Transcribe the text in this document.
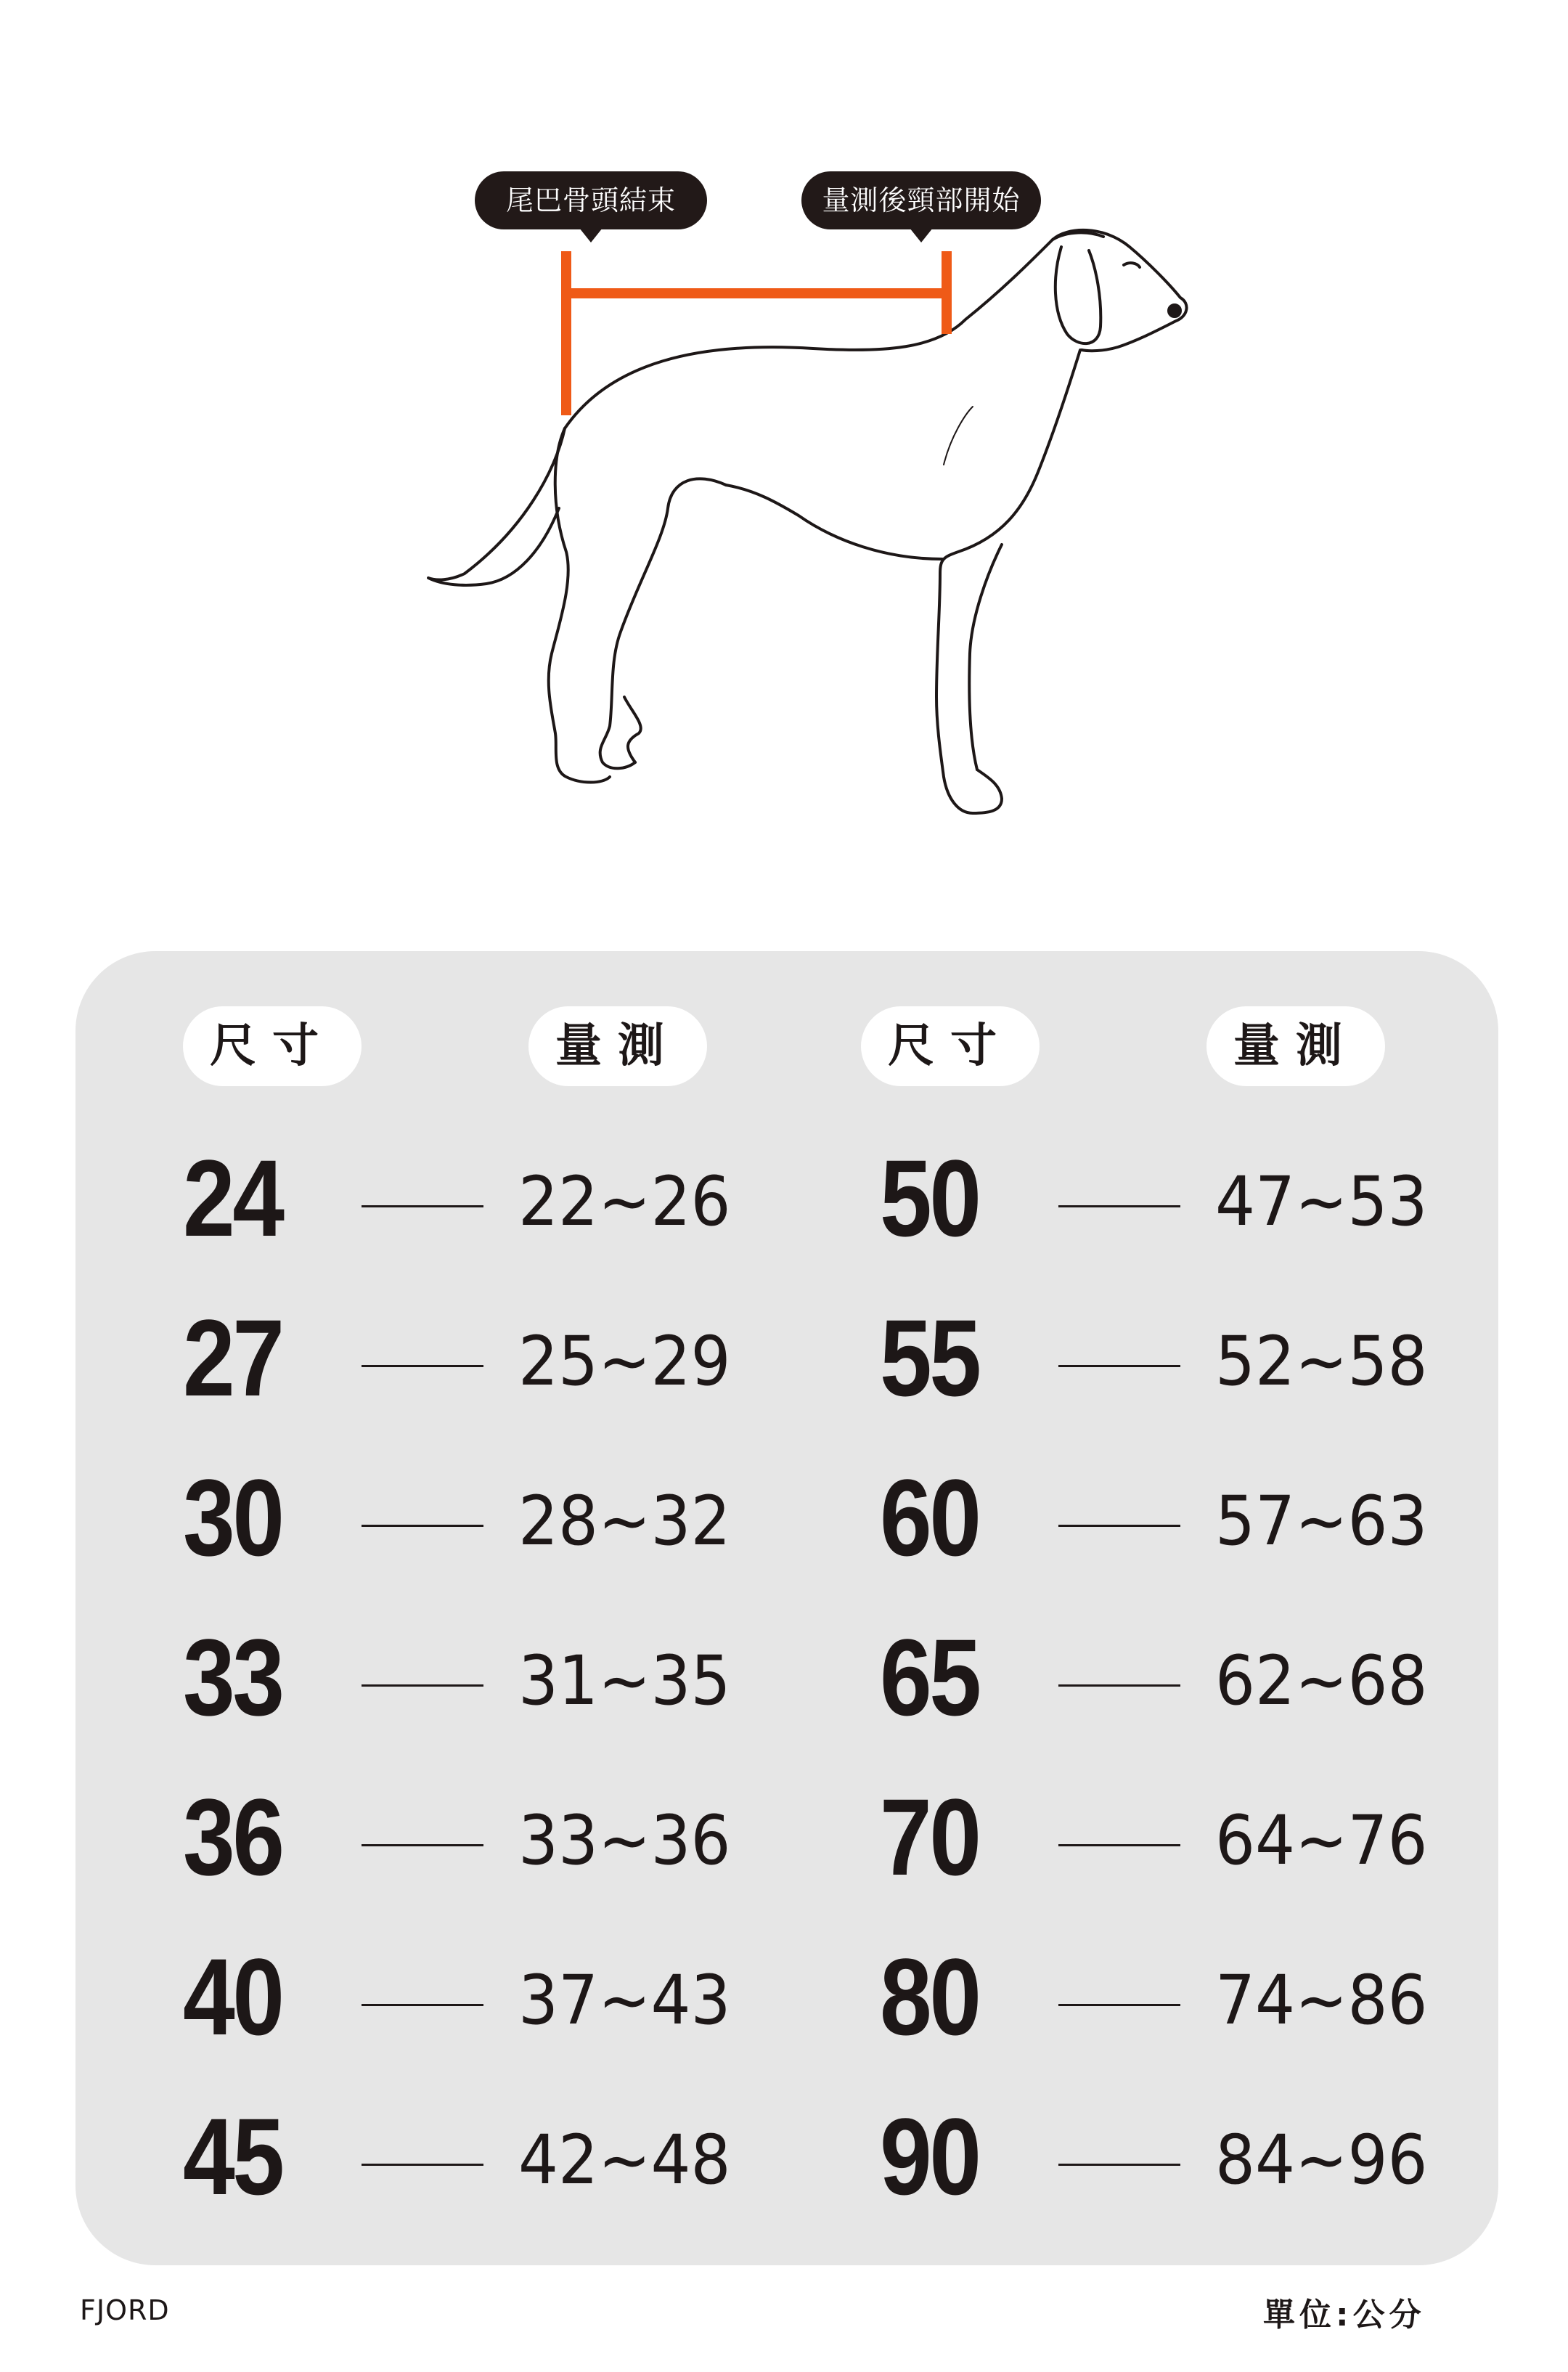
尾巴骨頭結束	量測後頸部開始
尺寸	量測	尺寸	量測
24	22~26
27	25~29
30	28~32
33	31~35
36	33~36
40	37~43
45	42~48
50	47~53
55	52~58
60	57~63
65	62~68
70	64~76
80	74~86
90	84~96
FJORD	單位:公分
